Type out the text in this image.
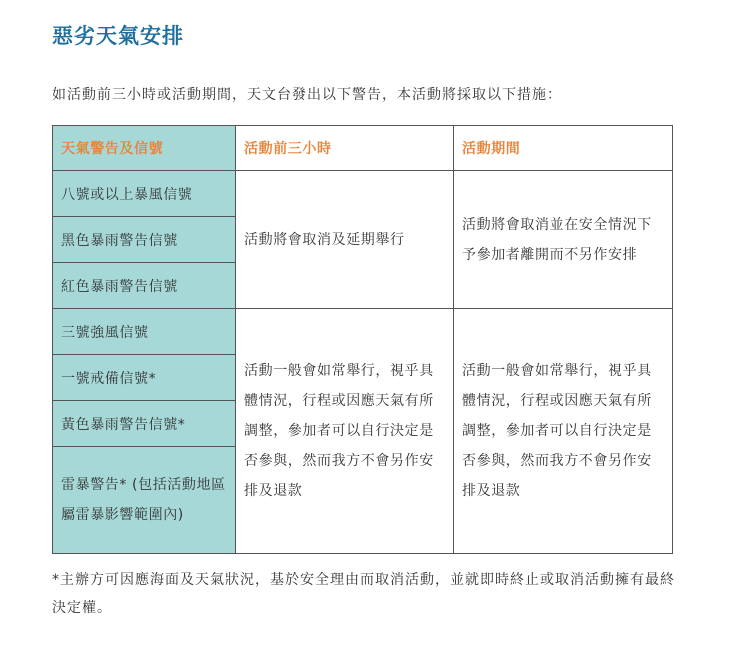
惡劣天氣安排
如活動前三小時或活動期間，天文台發出以下警告，本活動將採取以下措施：
天氣警告及信號	活動前三小時	活動期間
八號或以上暴風信號	活動將會取消及延期舉行	活動將會取消並在安全情況下予參加者離開而不另作安排
黑色暴雨警告信號		
紅色暴雨警告信號		
三號強風信號	活動一般會如常舉行，視乎具體情況，行程或因應天氣有所調整，參加者可以自行決定是否參與，然而我方不會另作安排及退款	活動一般會如常舉行，視乎具體情況，行程或因應天氣有所調整，參加者可以自行決定是否參與，然而我方不會另作安排及退款
一號戒備信號*		
黃色暴雨警告信號*		
雷暴警告* (包括活動地區屬雷暴影響範圍內)		
*主辦方可因應海面及天氣狀況，基於安全理由而取消活動，並就即時終止或取消活動擁有最終決定權。
